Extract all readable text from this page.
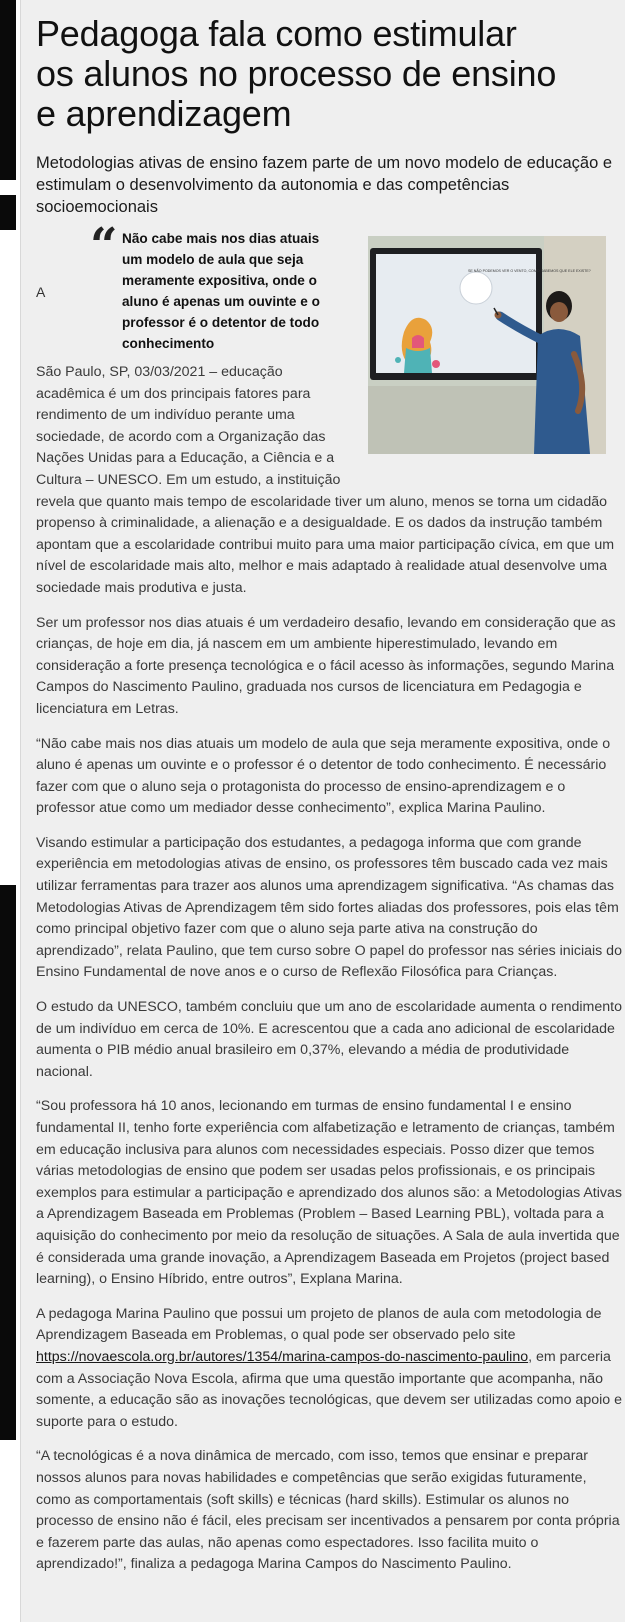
Pedagoga fala como estimular
os alunos no processo de ensino
e aprendizagem

Metodologias ativas de ensino fazem parte de um novo modelo de educação e estimulam o desenvolvimento da autonomia e das competências socioemocionais

A
“ Não cabe mais nos dias atuais um modelo de aula que seja meramente expositiva, onde o aluno é apenas um ouvinte e o professor é o detentor de todo conhecimento
SE NÃO PODEMOS VER O VENTO, COMO SABEMOS QUE ELE EXISTE?

São Paulo, SP, 03/03/2021 – educação acadêmica é um dos principais fatores para rendimento de um indivíduo perante uma sociedade, de acordo com a Organização das Nações Unidas para a Educação, a Ciência e a Cultura – UNESCO. Em um estudo, a instituição
revela que quanto mais tempo de escolaridade tiver um aluno, menos se torna um cidadão propenso à criminalidade, a alienação e a desigualdade. E os dados da instrução também apontam que a escolaridade contribui muito para uma maior participação cívica, em que um nível de escolaridade mais alto, melhor e mais adaptado à realidade atual desenvolve uma sociedade mais produtiva e justa.

Ser um professor nos dias atuais é um verdadeiro desafio, levando em consideração que as crianças, de hoje em dia, já nascem em um ambiente hiperestimulado, levando em consideração a forte presença tecnológica e o fácil acesso às informações, segundo Marina Campos do Nascimento Paulino, graduada nos cursos de licenciatura em Pedagogia e licenciatura em Letras.

“Não cabe mais nos dias atuais um modelo de aula que seja meramente expositiva, onde o aluno é apenas um ouvinte e o professor é o detentor de todo conhecimento. É necessário fazer com que o aluno seja o protagonista do processo de ensino-aprendizagem e o professor atue como um mediador desse conhecimento”, explica Marina Paulino.

Visando estimular a participação dos estudantes, a pedagoga informa que com grande experiência em metodologias ativas de ensino, os professores têm buscado cada vez mais utilizar ferramentas para trazer aos alunos uma aprendizagem significativa. “As chamas das Metodologias Ativas de Aprendizagem têm sido fortes aliadas dos professores, pois elas têm como principal objetivo fazer com que o aluno seja parte ativa na construção do aprendizado”, relata Paulino, que tem curso sobre O papel do professor nas séries iniciais do Ensino Fundamental de nove anos e o curso de Reflexão Filosófica para Crianças.

O estudo da UNESCO, também concluiu que um ano de escolaridade aumenta o rendimento de um indivíduo em cerca de 10%. E acrescentou que a cada ano adicional de escolaridade aumenta o PIB médio anual brasileiro em 0,37%, elevando a média de produtividade nacional.

“Sou professora há 10 anos, lecionando em turmas de ensino fundamental I e ensino fundamental II, tenho forte experiência com alfabetização e letramento de crianças, também em educação inclusiva para alunos com necessidades especiais. Posso dizer que temos várias metodologias de ensino que podem ser usadas pelos profissionais, e os principais exemplos para estimular a participação e aprendizado dos alunos são: a Metodologias Ativas a Aprendizagem Baseada em Problemas (Problem – Based Learning PBL), voltada para a aquisição do conhecimento por meio da resolução de situações. A Sala de aula invertida que é considerada uma grande inovação, a Aprendizagem Baseada em Projetos (project based learning), o Ensino Híbrido, entre outros”, Explana Marina.

A pedagoga Marina Paulino que possui um projeto de planos de aula com metodologia de Aprendizagem Baseada em Problemas, o qual pode ser observado pelo site https://novaescola.org.br/autores/1354/marina-campos-do-nascimento-paulino, em parceria com a Associação Nova Escola, afirma que uma questão importante que acompanha, não somente, a educação são as inovações tecnológicas, que devem ser utilizadas como apoio e suporte para o estudo.

“A tecnológicas é a nova dinâmica de mercado, com isso, temos que ensinar e preparar nossos alunos para novas habilidades e competências que serão exigidas futuramente, como as comportamentais (soft skills) e técnicas (hard skills). Estimular os alunos no processo de ensino não é fácil, eles precisam ser incentivados a pensarem por conta própria e fazerem parte das aulas, não apenas como espectadores. Isso facilita muito o aprendizado!”, finaliza a pedagoga Marina Campos do Nascimento Paulino.
